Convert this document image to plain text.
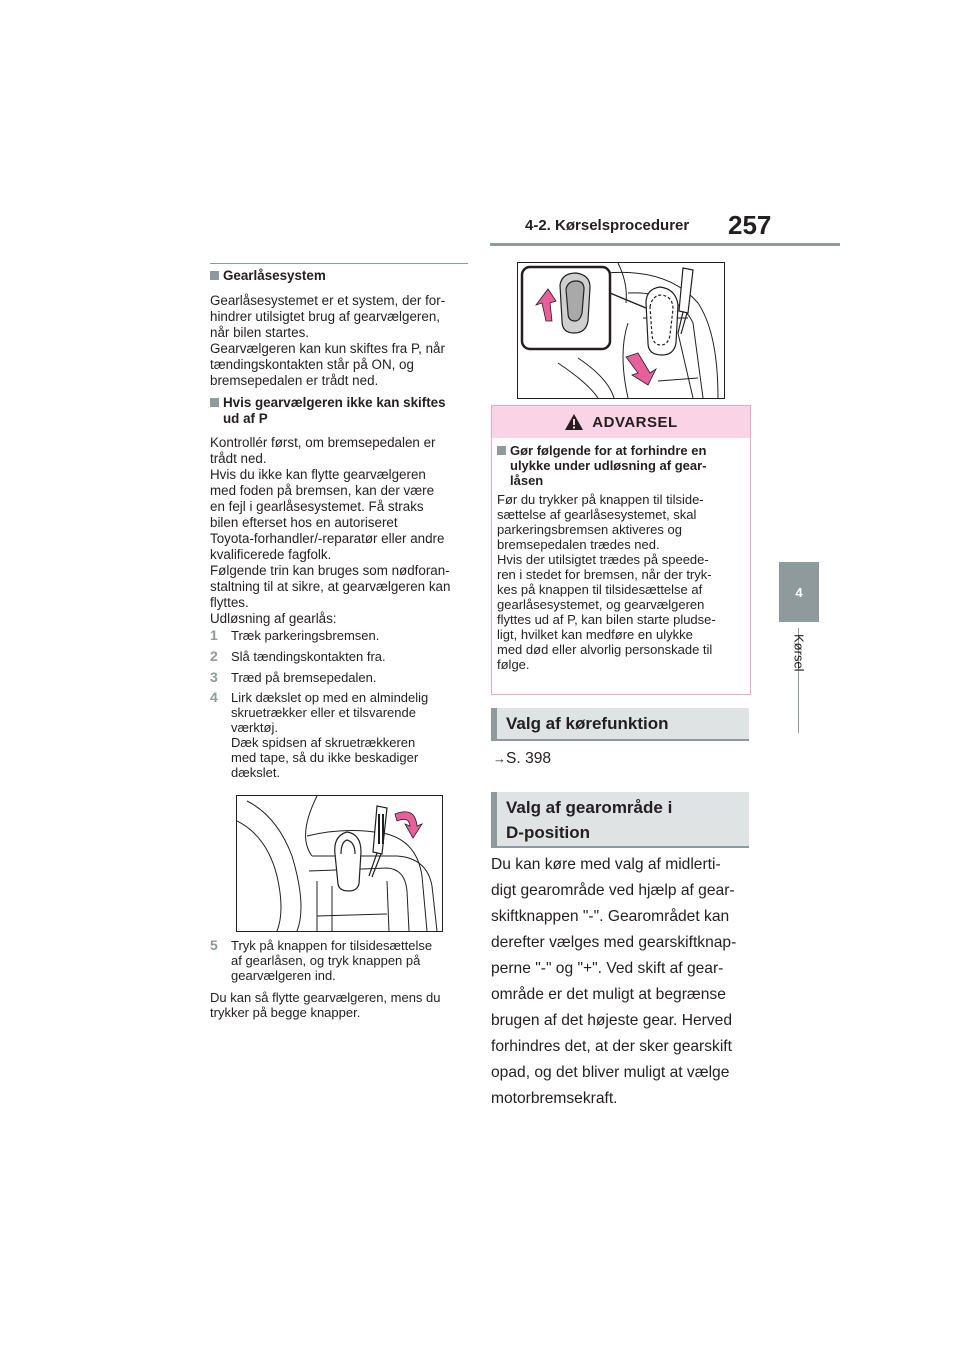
4-2. Kørselsprocedurer 257
4
Kørsel
Gearlåsesystem
Gearlåsesystemet er et system, der for-
hindrer utilsigtet brug af gearvælgeren,
når bilen startes.
Gearvælgeren kan kun skiftes fra P, når
tændingskontakten står på ON, og
bremsepedalen er trådt ned.
Hvis gearvælgeren ikke kan skiftes
ud af P
Kontrollér først, om bremsepedalen er
trådt ned.
Hvis du ikke kan flytte gearvælgeren
med foden på bremsen, kan der være
en fejl i gearlåsesystemet. Få straks
bilen efterset hos en autoriseret
Toyota-forhandler/-reparatør eller andre
kvalificerede fagfolk.
Følgende trin kan bruges som nødforan-
staltning til at sikre, at gearvælgeren kan
flyttes.
Udløsning af gearlås:
1 Træk parkeringsbremsen.
2 Slå tændingskontakten fra.
3 Træd på bremsepedalen.
4 Lirk dækslet op med en almindelig
skruetrækker eller et tilsvarende
værktøj.
Dæk spidsen af skruetrækkeren
med tape, så du ikke beskadiger
dækslet.
5 Tryk på knappen for tilsidesættelse
af gearlåsen, og tryk knappen på
gearvælgeren ind.
Du kan så flytte gearvælgeren, mens du
trykker på begge knapper.
ADVARSEL
Gør følgende for at forhindre en
ulykke under udløsning af gear-
låsen
Før du trykker på knappen til tilside-
sættelse af gearlåsesystemet, skal
parkeringsbremsen aktiveres og
bremsepedalen trædes ned.
Hvis der utilsigtet trædes på speede-
ren i stedet for bremsen, når der tryk-
kes på knappen til tilsidesættelse af
gearlåsesystemet, og gearvælgeren
flyttes ud af P, kan bilen starte pludse-
ligt, hvilket kan medføre en ulykke
med død eller alvorlig personskade til
følge.
Valg af kørefunktion
→S. 398
Valg af gearområde i
D-position
Du kan køre med valg af midlerti-
digt gearområde ved hjælp af gear-
skiftknappen "-". Gearområdet kan
derefter vælges med gearskiftknap-
perne "-" og "+". Ved skift af gear-
område er det muligt at begrænse
brugen af det højeste gear. Herved
forhindres det, at der sker gearskift
opad, og det bliver muligt at vælge
motorbremsekraft.
